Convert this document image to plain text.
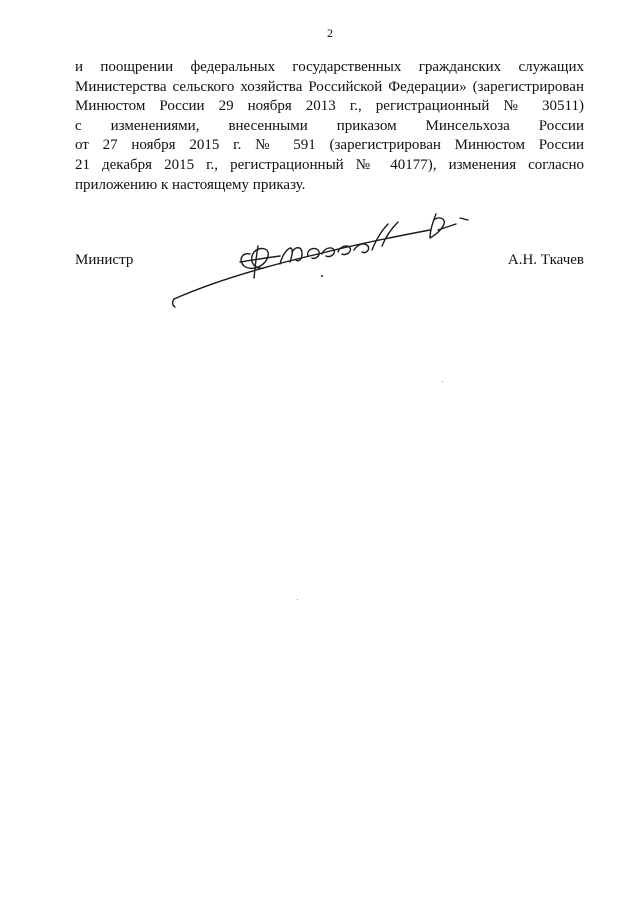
2
и поощрении федеральных государственных гражданских служащих
Министерства сельского хозяйства Российской Федерации» (зарегистрирован
Минюстом России 29 ноября 2013 г., регистрационный № 30511)
с изменениями, внесенными приказом Минсельхоза России
от 27 ноября 2015 г. № 591 (зарегистрирован Минюстом России
21 декабря 2015 г., регистрационный № 40177), изменения согласно
приложению к настоящему приказу.
Министр	А.Н. Ткачев
